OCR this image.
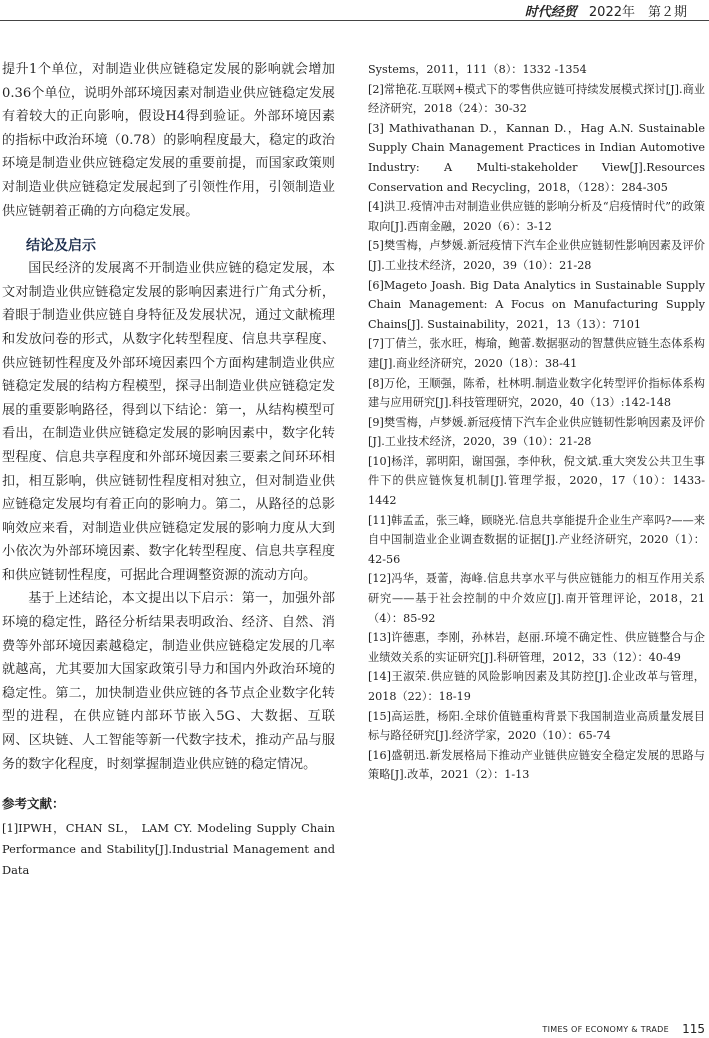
时代经贸 2022年　第２期

提升1个单位，对制造业供应链稳定发展的影响就会增加0.36个单位，说明外部环境因素对制造业供应链稳定发展有着较大的正向影响，假设H4得到验证。外部环境因素的指标中政治环境（0.78）的影响程度最大，稳定的政治环境是制造业供应链稳定发展的重要前提，而国家政策则对制造业供应链稳定发展起到了引领性作用，引领制造业供应链朝着正确的方向稳定发展。

结论及启示

国民经济的发展离不开制造业供应链的稳定发展，本文对制造业供应链稳定发展的影响因素进行广角式分析，着眼于制造业供应链自身特征及发展状况，通过文献梳理和发放问卷的形式，从数字化转型程度、信息共享程度、供应链韧性程度及外部环境因素四个方面构建制造业供应链稳定发展的结构方程模型，探寻出制造业供应链稳定发展的重要影响路径，得到以下结论：第一，从结构模型可看出，在制造业供应链稳定发展的影响因素中，数字化转型程度、信息共享程度和外部环境因素三要素之间环环相扣，相互影响，供应链韧性程度相对独立，但对制造业供应链稳定发展均有着正向的影响力。第二，从路径的总影响效应来看，对制造业供应链稳定发展的影响力度从大到小依次为外部环境因素、数字化转型程度、信息共享程度和供应链韧性程度，可据此合理调整资源的流动方向。

基于上述结论，本文提出以下启示：第一，加强外部环境的稳定性，路径分析结果表明政治、经济、自然、消费等外部环境因素越稳定，制造业供应链稳定发展的几率就越高，尤其要加大国家政策引导力和国内外政治环境的稳定性。第二，加快制造业供应链的各节点企业数字化转型的进程，在供应链内部环节嵌入5G、大数据、互联网、区块链、人工智能等新一代数字技术，推动产品与服务的数字化程度，时刻掌握制造业供应链的稳定情况。

参考文献：

[1]IPWH，CHAN SL， LAM CY. Modeling Supply Chain Performance and Stability[J].Industrial Management and Data

Systems，2011，111（8）：1332 -1354

[2]常艳花.互联网+模式下的零售供应链可持续发展模式探讨[J].商业经济研究，2018（24）：30-32

[3] Mathivathanan D.，Kannan D.，Hag A.N. Sustainable Supply Chain Management Practices in Indian Automotive Industry: A Multi-stakeholder View[J].Resources Conservation and Recycling，2018，（128）：284-305

[4]洪卫.疫情冲击对制造业供应链的影响分析及“启疫情时代”的政策取向[J].西南金融，2020（6）：3-12

[5]樊雪梅，卢梦媛.新冠疫情下汽车企业供应链韧性影响因素及评价[J].工业技术经济，2020，39（10）：21-28

[6]Mageto Joash. Big Data Analytics in Sustainable Supply Chain Management: A Focus on Manufacturing Supply Chains[J]. Sustainability，2021，13（13）：7101

[7]丁倩兰，张水旺，梅瑜，鲍蕾.数据驱动的智慧供应链生态体系构建[J].商业经济研究，2020（18）：38-41

[8]万伦，王顺强，陈希，杜林明.制造业数字化转型评价指标体系构建与应用研究[J].科技管理研究，2020，40（13）:142-148

[9]樊雪梅，卢梦媛.新冠疫情下汽车企业供应链韧性影响因素及评价[J].工业技术经济，2020，39（10）：21-28

[10]杨洋，郭明阳，谢国强，李仲秋，倪文斌.重大突发公共卫生事件下的供应链恢复机制[J].管理学报，2020，17（10）：1433-1442

[11]韩孟孟，张三峰，顾晓光.信息共享能提升企业生产率吗?——来自中国制造业企业调查数据的证据[J].产业经济研究，2020（1）：42-56

[12]冯华，聂蕾，海峰.信息共享水平与供应链能力的相互作用关系研究——基于社会控制的中介效应[J].南开管理评论，2018，21（4）：85-92

[13]许德惠，李刚，孙林岩，赵丽.环境不确定性、供应链整合与企业绩效关系的实证研究[J].科研管理，2012，33（12）：40-49

[14]王淑荣.供应链的风险影响因素及其防控[J].企业改革与管理，2018（22）：18-19

[15]高运胜，杨阳.全球价值链重构背景下我国制造业高质量发展目标与路径研究[J].经济学家，2020（10）：65-74

[16]盛朝迅.新发展格局下推动产业链供应链安全稳定发展的思路与策略[J].改革，2021（2）：1-13

TIMES OF ECONOMY & TRADE 115
